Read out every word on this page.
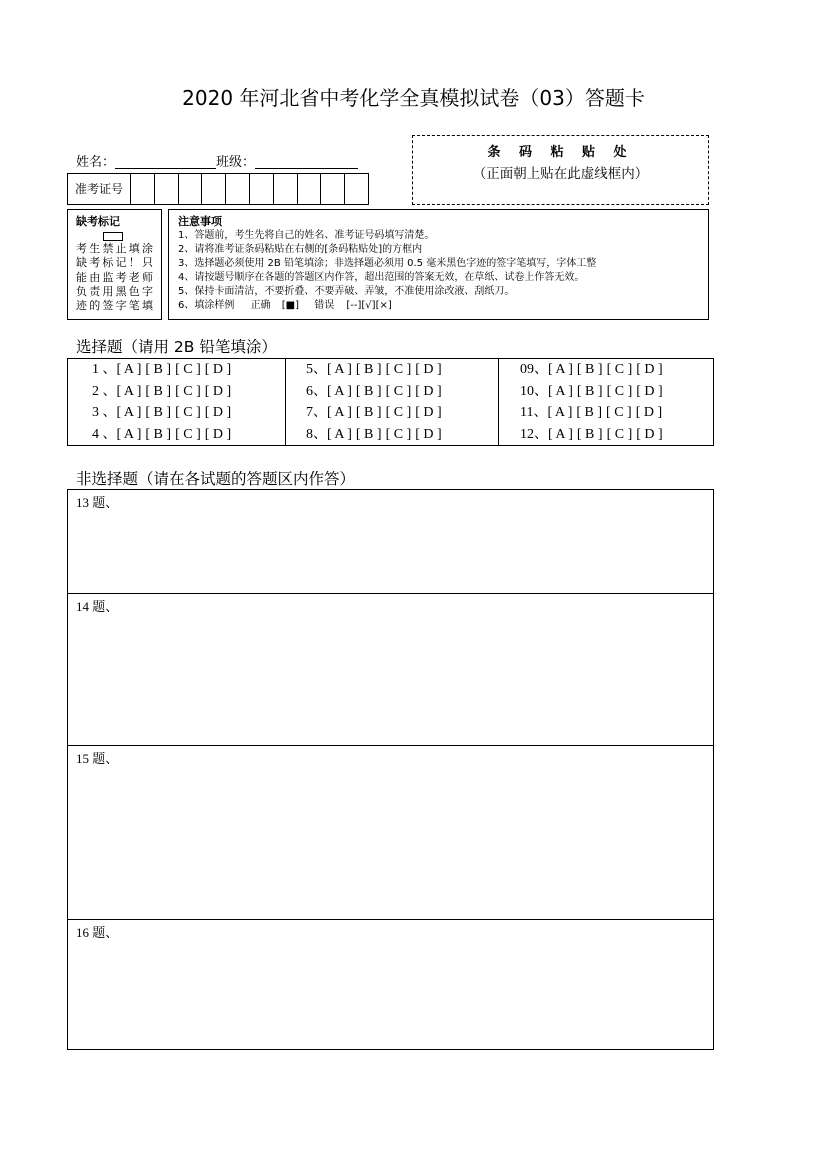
2020 年河北省中考化学全真模拟试卷（03）答题卡
姓名：	班级：
准考证号
条 码 粘 贴 处
（正面朝上贴在此虚线框内）
缺考标记
考生禁止填涂
缺考标记！只
能由监考老师
负责用黑色字
迹的签字笔填
注意事项
1、答题前，考生先将自己的姓名、准考证号码填写清楚。
2、请将准考证条码粘贴在右侧的[条码粘贴处]的方框内
3、选择题必须使用 2B 铅笔填涂；非选择题必须用 0.5 毫米黑色字迹的签字笔填写，字体工整
4、请按题号顺序在各题的答题区内作答，超出范围的答案无效，在草纸、试卷上作答无效。
5、保持卡面清洁，不要折叠、不要弄破、弄皱，不准使用涂改液、刮纸刀。
6、填涂样例 正确 [■] 错误 [--][√][×]
选择题（请用 2B 铅笔填涂）
1 、[ A ] [ B ] [ C ] [ D ]
2 、[ A ] [ B ] [ C ] [ D ]
3 、[ A ] [ B ] [ C ] [ D ]
4 、[ A ] [ B ] [ C ] [ D ]
5、[ A ] [ B ] [ C ] [ D ]
6、[ A ] [ B ] [ C ] [ D ]
7、[ A ] [ B ] [ C ] [ D ]
8、[ A ] [ B ] [ C ] [ D ]
09、[ A ] [ B ] [ C ] [ D ]
10、[ A ] [ B ] [ C ] [ D ]
11、[ A ] [ B ] [ C ] [ D ]
12、[ A ] [ B ] [ C ] [ D ]
非选择题（请在各试题的答题区内作答）
13 题、
14 题、
15 题、
16 题、
